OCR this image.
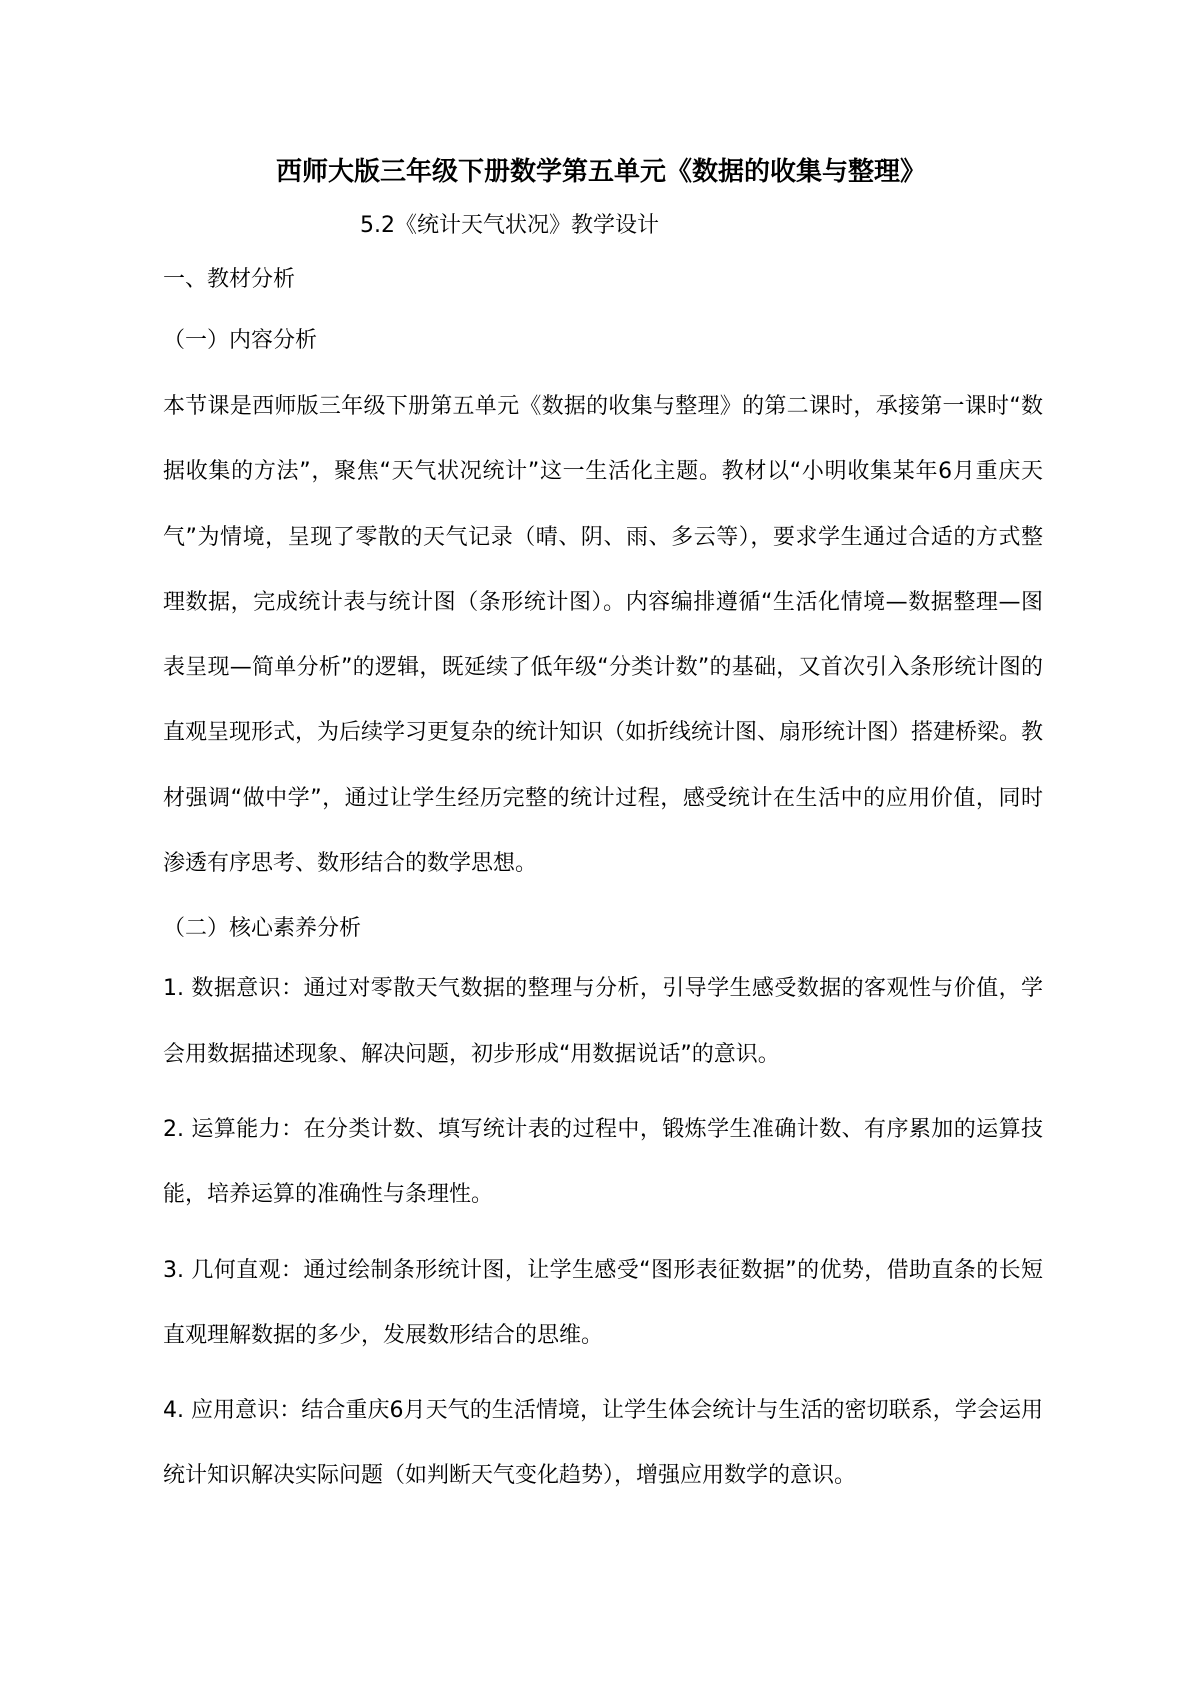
西师大版三年级下册数学第五单元《数据的收集与整理》
5.2《统计天气状况》教学设计
一、教材分析
（一）内容分析

本节课是西师版三年级下册第五单元《数据的收集与整理》的第二课时，承接第一课时“数据收集的方法”，聚焦“天气状况统计”这一生活化主题。教材以“小明收集某年6月重庆天气”为情境，呈现了零散的天气记录（晴、阴、雨、多云等），要求学生通过合适的方式整理数据，完成统计表与统计图（条形统计图）。内容编排遵循“生活化情境—数据整理—图表呈现—简单分析”的逻辑，既延续了低年级“分类计数”的基础，又首次引入条形统计图的直观呈现形式，为后续学习更复杂的统计知识（如折线统计图、扇形统计图）搭建桥梁。教材强调“做中学”，通过让学生经历完整的统计过程，感受统计在生活中的应用价值，同时渗透有序思考、数形结合的数学思想。

（二）核心素养分析

1. 数据意识：通过对零散天气数据的整理与分析，引导学生感受数据的客观性与价值，学会用数据描述现象、解决问题，初步形成“用数据说话”的意识。

2. 运算能力：在分类计数、填写统计表的过程中，锻炼学生准确计数、有序累加的运算技能，培养运算的准确性与条理性。

3. 几何直观：通过绘制条形统计图，让学生感受“图形表征数据”的优势，借助直条的长短直观理解数据的多少，发展数形结合的思维。

4. 应用意识：结合重庆6月天气的生活情境，让学生体会统计与生活的密切联系，学会运用统计知识解决实际问题（如判断天气变化趋势），增强应用数学的意识。
